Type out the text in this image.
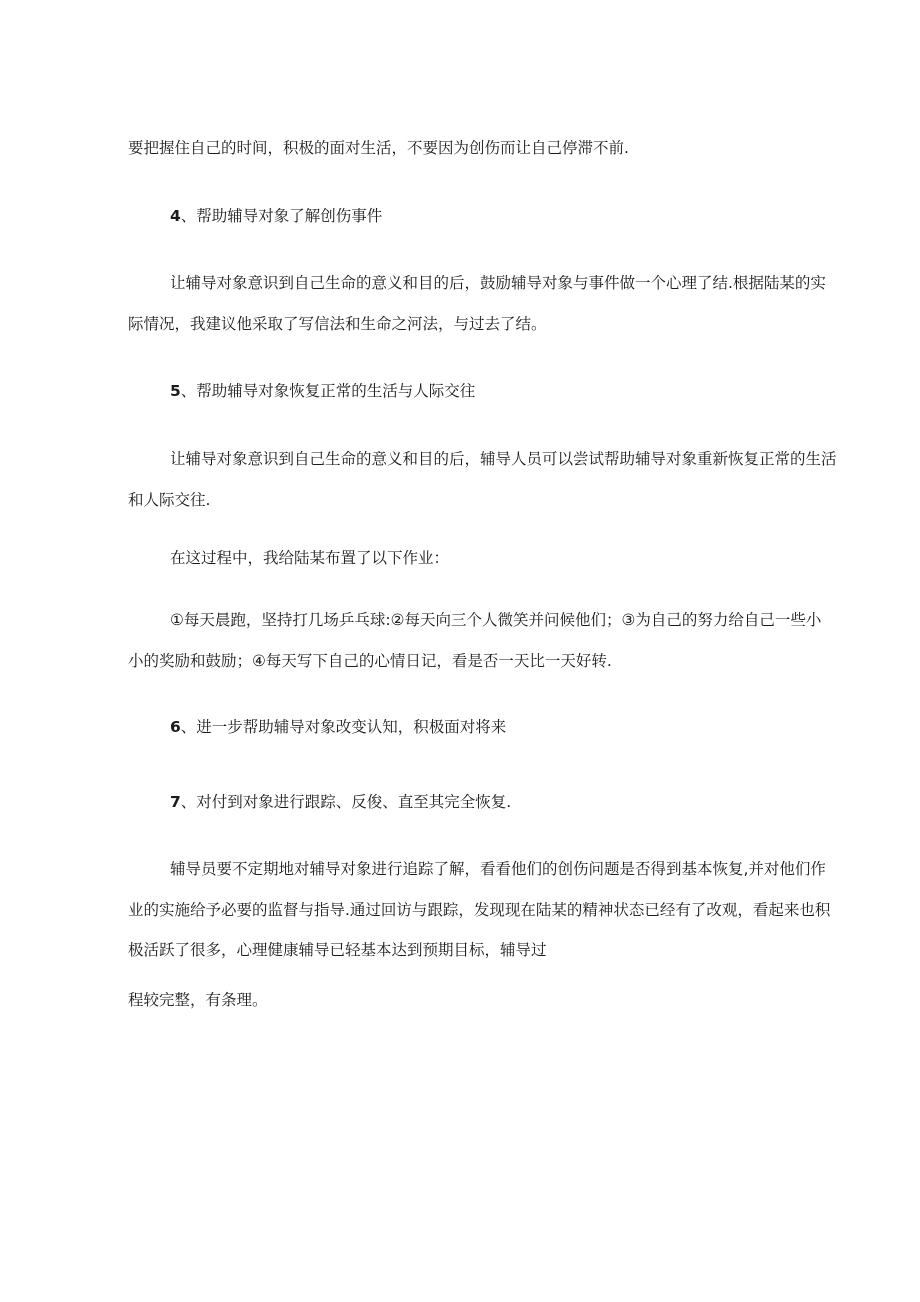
要把握住自己的时间，积极的面对生活，不要因为创伤而让自己停滞不前.

4、帮助辅导对象了解创伤事件

让辅导对象意识到自己生命的意义和目的后，鼓励辅导对象与事件做一个心理了结.根据陆某的实

际情况，我建议他采取了写信法和生命之河法，与过去了结。

5、帮助辅导对象恢复正常的生活与人际交往

让辅导对象意识到自己生命的意义和目的后，辅导人员可以尝试帮助辅导对象重新恢复正常的生活

和人际交往.

在这过程中，我给陆某布置了以下作业：

①每天晨跑，坚持打几场乒乓球:②每天向三个人微笑并问候他们；③为自己的努力给自己一些小

小的奖励和鼓励；④每天写下自己的心情日记，看是否一天比一天好转.

6、进一步帮助辅导对象改变认知，积极面对将来

7、对付到对象进行跟踪、反俊、直至其完全恢复.

辅导员要不定期地对辅导对象进行追踪了解，看看他们的创伤问题是否得到基本恢复,并对他们作

业的实施给予必要的监督与指导.通过回访与跟踪，发现现在陆某的精神状态已经有了改观，看起来也积

极活跃了很多，心理健康辅导已轻基本达到预期目标，辅导过

程较完整，有条理。
